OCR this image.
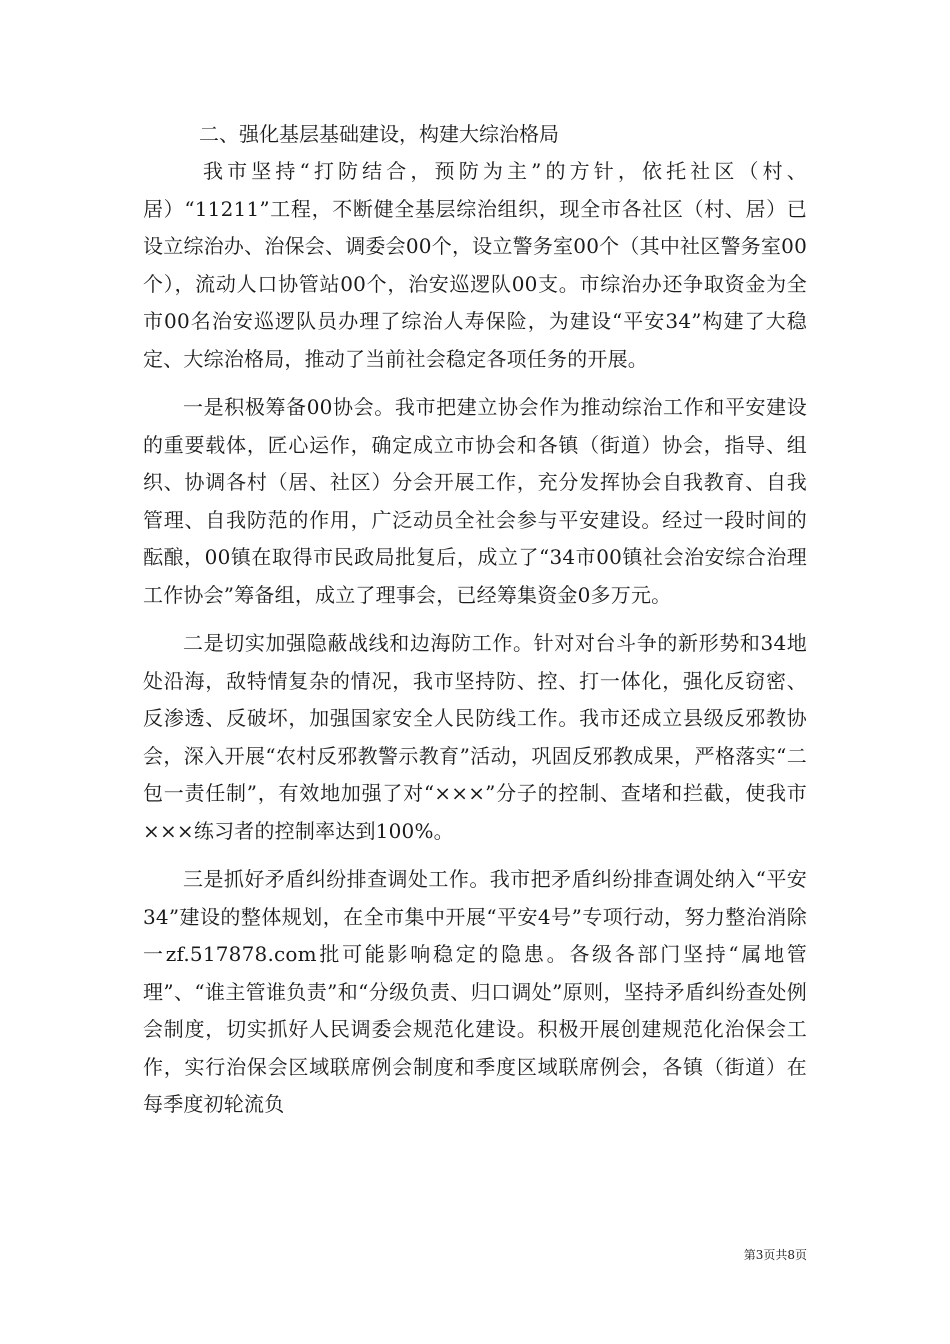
二、强化基层基础建设，构建大综治格局

我市坚持“打防结合，预防为主”的方针，依托社区（村、居）“11211”工程，不断健全基层综治组织，现全市各社区（村、居）已设立综治办、治保会、调委会00个，设立警务室00个（其中社区警务室00个），流动人口协管站00个，治安巡逻队00支。市综治办还争取资金为全市00名治安巡逻队员办理了综治人寿保险，为建设“平安34”构建了大稳定、大综治格局，推动了当前社会稳定各项任务的开展。

一是积极筹备00协会。我市把建立协会作为推动综治工作和平安建设的重要载体，匠心运作，确定成立市协会和各镇（街道）协会，指导、组织、协调各村（居、社区）分会开展工作，充分发挥协会自我教育、自我管理、自我防范的作用，广泛动员全社会参与平安建设。经过一段时间的酝酿，00镇在取得市民政局批复后，成立了“34市00镇社会治安综合治理工作协会”筹备组，成立了理事会，已经筹集资金0多万元。

二是切实加强隐蔽战线和边海防工作。针对对台斗争的新形势和34地处沿海，敌特情复杂的情况，我市坚持防、控、打一体化，强化反窃密、反渗透、反破坏，加强国家安全人民防线工作。我市还成立县级反邪教协会，深入开展“农村反邪教警示教育”活动，巩固反邪教成果，严格落实“二包一责任制”，有效地加强了对“×××”分子的控制、查堵和拦截，使我市×××练习者的控制率达到100%。

三是抓好矛盾纠纷排查调处工作。我市把矛盾纠纷排查调处纳入“平安34”建设的整体规划，在全市集中开展“平安4号”专项行动，努力整治消除一zf.517878.com批可能影响稳定的隐患。各级各部门坚持“属地管理”、“谁主管谁负责”和“分级负责、归口调处”原则，坚持矛盾纠纷查处例会制度，切实抓好人民调委会规范化建设。积极开展创建规范化治保会工作，实行治保会区域联席例会制度和季度区域联席例会，各镇（街道）在每季度初轮流负

第3页共8页
